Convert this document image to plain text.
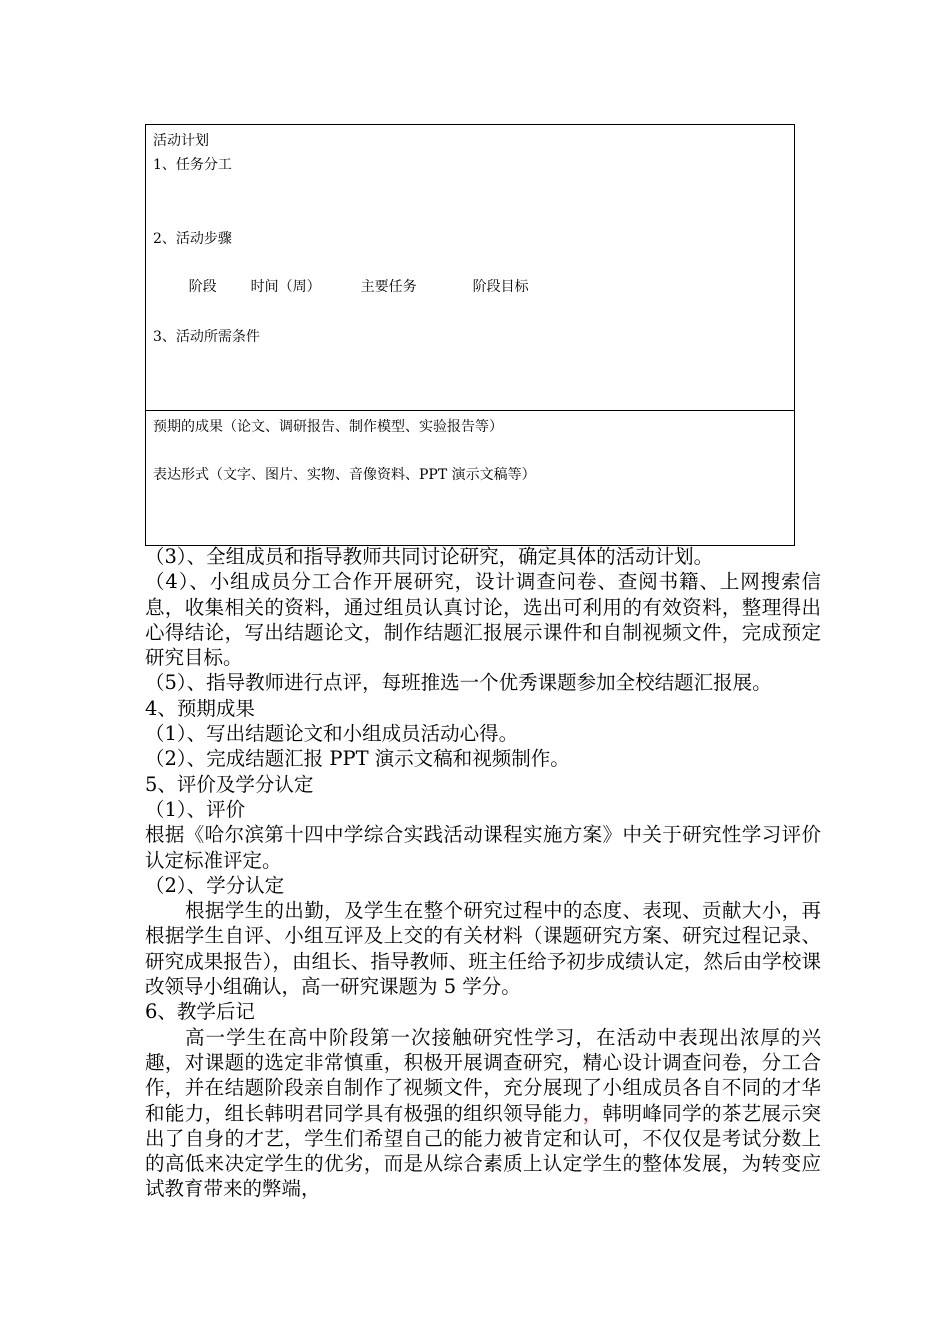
活动计划
1、任务分工
2、活动步骤

阶段 时间（周）	主要任务	阶段目标

3、活动所需条件

预期的成果（论文、调研报告、制作模型、实验报告等）
表达形式（文字、图片、实物、音像资料、PPT 演示文稿等）

（3）、全组成员和指导教师共同讨论研究，确定具体的活动计划。

（4）、小组成员分工合作开展研究，设计调查问卷、查阅书籍、上网搜索信息，收集相关的资料，通过组员认真讨论，选出可利用的有效资料，整理得出心得结论，写出结题论文，制作结题汇报展示课件和自制视频文件，完成预定研究目标。

（5）、指导教师进行点评，每班推选一个优秀课题参加全校结题汇报展。

4、预期成果

（1）、写出结题论文和小组成员活动心得。

（2）、完成结题汇报 PPT 演示文稿和视频制作。

5、评价及学分认定

（1）、评价

根据《哈尔滨第十四中学综合实践活动课程实施方案》中关于研究性学习评价认定标准评定。

（2）、学分认定

根据学生的出勤，及学生在整个研究过程中的态度、表现、贡献大小，再根据学生自评、小组互评及上交的有关材料（课题研究方案、研究过程记录、研究成果报告），由组长、指导教师、班主任给予初步成绩认定，然后由学校课改领导小组确认，高一研究课题为 5 学分。

6、教学后记

高一学生在高中阶段第一次接触研究性学习，在活动中表现出浓厚的兴趣，对课题的选定非常慎重，积极开展调查研究，精心设计调查问卷，分工合作，并在结题阶段亲自制作了视频文件，充分展现了小组成员各自不同的才华和能力，组长韩明君同学具有极强的组织领导能力，韩明峰同学的茶艺展示突出了自身的才艺，学生们希望自己的能力被肯定和认可，不仅仅是考试分数上的高低来决定学生的优劣，而是从综合素质上认定学生的整体发展，为转变应试教育带来的弊端，
